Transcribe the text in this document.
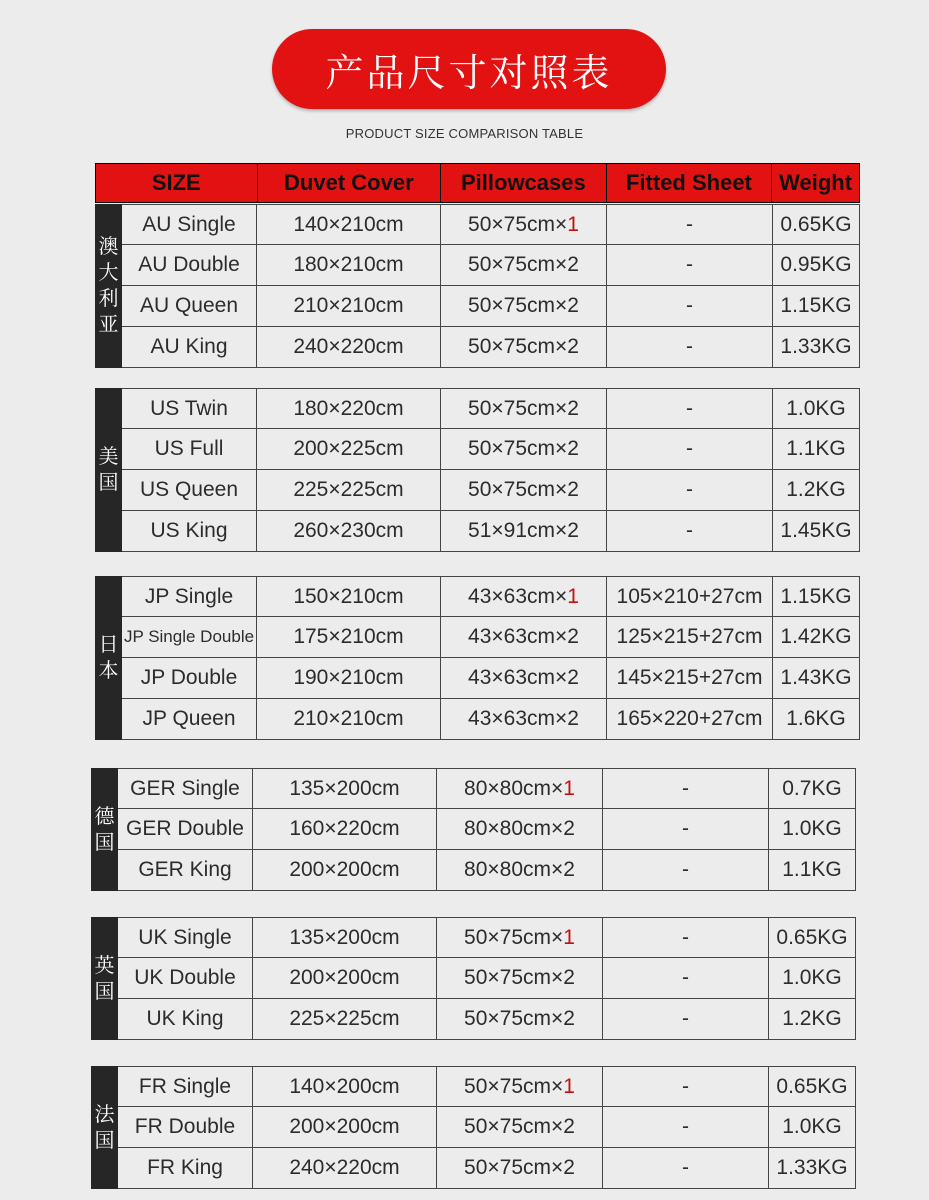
产品尺寸对照表
PRODUCT SIZE COMPARISON TABLE
SIZE	Duvet Cover	Pillowcases	Fitted Sheet	Weight
澳
大
利
亚
AU Single	140×210cm	50×75cm× 1	-	0.65KG
AU Double	180×210cm	50×75cm× 2	-	0.95KG
AU Queen	210×210cm	50×75cm× 2	-	1.15KG
AU King	240×220cm	50×75cm× 2	-	1.33KG
美
国
US Twin	180×220cm	50×75cm× 2	-	1.0KG
US Full	200×225cm	50×75cm× 2	-	1.1KG
US Queen	225×225cm	50×75cm× 2	-	1.2KG
US King	260×230cm	51×91cm× 2	-	1.45KG
日
本
JP Single	150×210cm	43×63cm× 1	105×210+27cm 1.15KG
JP Single Double	175×210cm	43×63cm× 2	125×215+27cm 1.42KG
JP Double	190×210cm	43×63cm× 2	145×215+27cm 1.43KG
JP Queen	210×210cm	43×63cm× 2	165×220+27cm	1.6KG
德
国
GER Single	135×200cm	80×80cm× 1	-	0.7KG
GER Double	160×220cm	80×80cm× 2	-	1.0KG
GER King	200×200cm	80×80cm× 2	-	1.1KG
英
国
UK Single	135×200cm	50×75cm× 1	-	0.65KG
UK Double	200×200cm	50×75cm× 2	-	1.0KG
UK King	225×225cm	50×75cm× 2	-	1.2KG
法
国
FR Single	140×200cm	50×75cm× 1	-	0.65KG
FR Double	200×200cm	50×75cm× 2	-	1.0KG
FR King	240×220cm	50×75cm× 2	-	1.33KG
